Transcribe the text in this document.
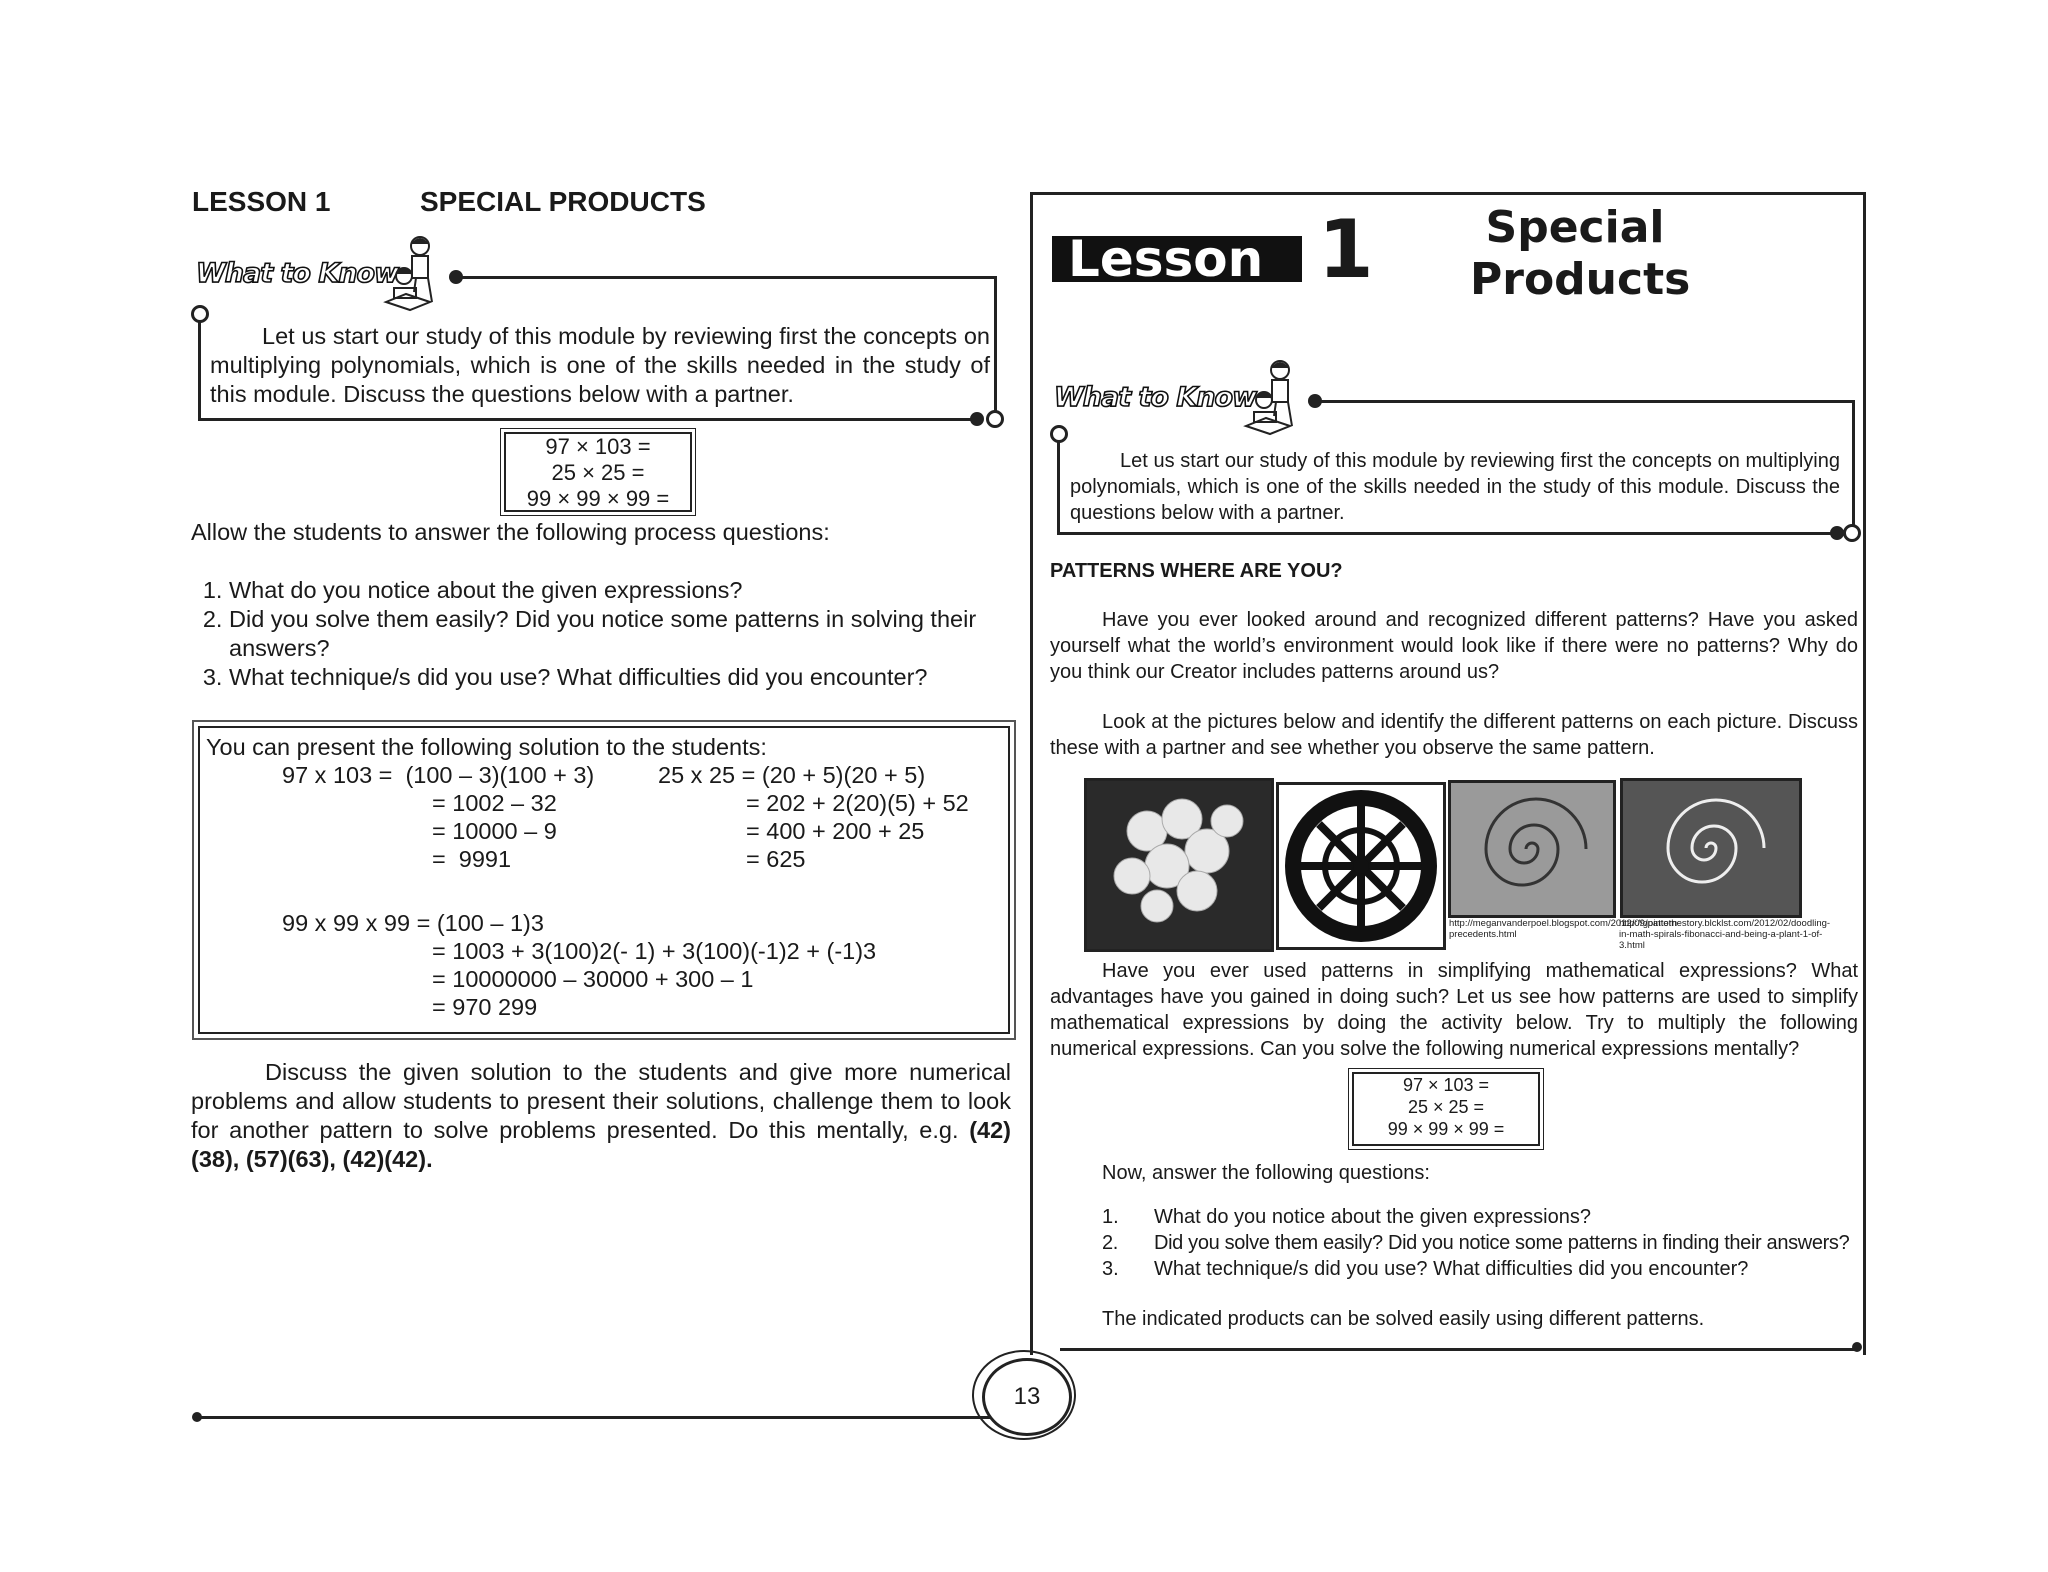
LESSON 1	SPECIAL PRODUCTS
What to Know
Let us start our study of this module by reviewing first the concepts on multiplying polynomials, which is one of the skills needed in the study of this module. Discuss the questions below with a partner.
97 × 103 =
25 × 25 =
99 × 99 × 99 =
Allow the students to answer the following process questions:
1. What do you notice about the given expressions?
2. Did you solve them easily? Did you notice some patterns in solving their answers?
3. What technique/s did you use? What difficulties did you encounter?
You can present the following solution to the students:
97 x 103 =  (100 – 3)(100 + 3)
= 1002 – 32
= 10000 – 9
=  9991
25 x 25 = (20 + 5)(20 + 5)
= 202 + 2(20)(5) + 52
= 400 + 200 + 25
= 625
99 x 99 x 99 = (100 – 1)3
= 1003 + 3(100)2(- 1) + 3(100)(-1)2 + (-1)3
= 10000000 – 30000 + 300 – 1
= 970 299
Discuss the given solution to the students and give more numerical problems and allow students to present their solutions, challenge them to look for another pattern to solve problems presented. Do this mentally, e.g. (42)(38), (57)(63), (42)(42).
13
Lesson 1	Special
Products
What to Know
Let us start our study of this module by reviewing first the concepts on multiplying polynomials, which is one of the skills needed in the study of this module. Discuss the questions below with a partner.
PATTERNS WHERE ARE YOU?
Have you ever looked around and recognized different patterns? Have you asked yourself what the world’s environment would look like if there were no patterns? Why do you think our Creator includes patterns around us?
Look at the pictures below and identify the different patterns on each picture. Discuss these with a partner and see whether you observe the same pattern.
http://meganvanderpoel.blogspot.com/2012/09/pattern-precedents.html
http://gointothestory.blcklst.com/2012/02/doodling-in-math-spirals-fibonacci-and-being-a-plant-1-of-3.html
Have you ever used patterns in simplifying mathematical expressions? What advantages have you gained in doing such? Let us see how patterns are used to simplify mathematical expressions by doing the activity below. Try to multiply the following numerical expressions. Can you solve the following numerical expressions mentally?
97 × 103 =
25 × 25 =
99 × 99 × 99 =
Now, answer the following questions:
1. What do you notice about the given expressions?
2. Did you solve them easily? Did you notice some patterns in finding their answers?
3. What technique/s did you use? What difficulties did you encounter?
The indicated products can be solved easily using different patterns.
